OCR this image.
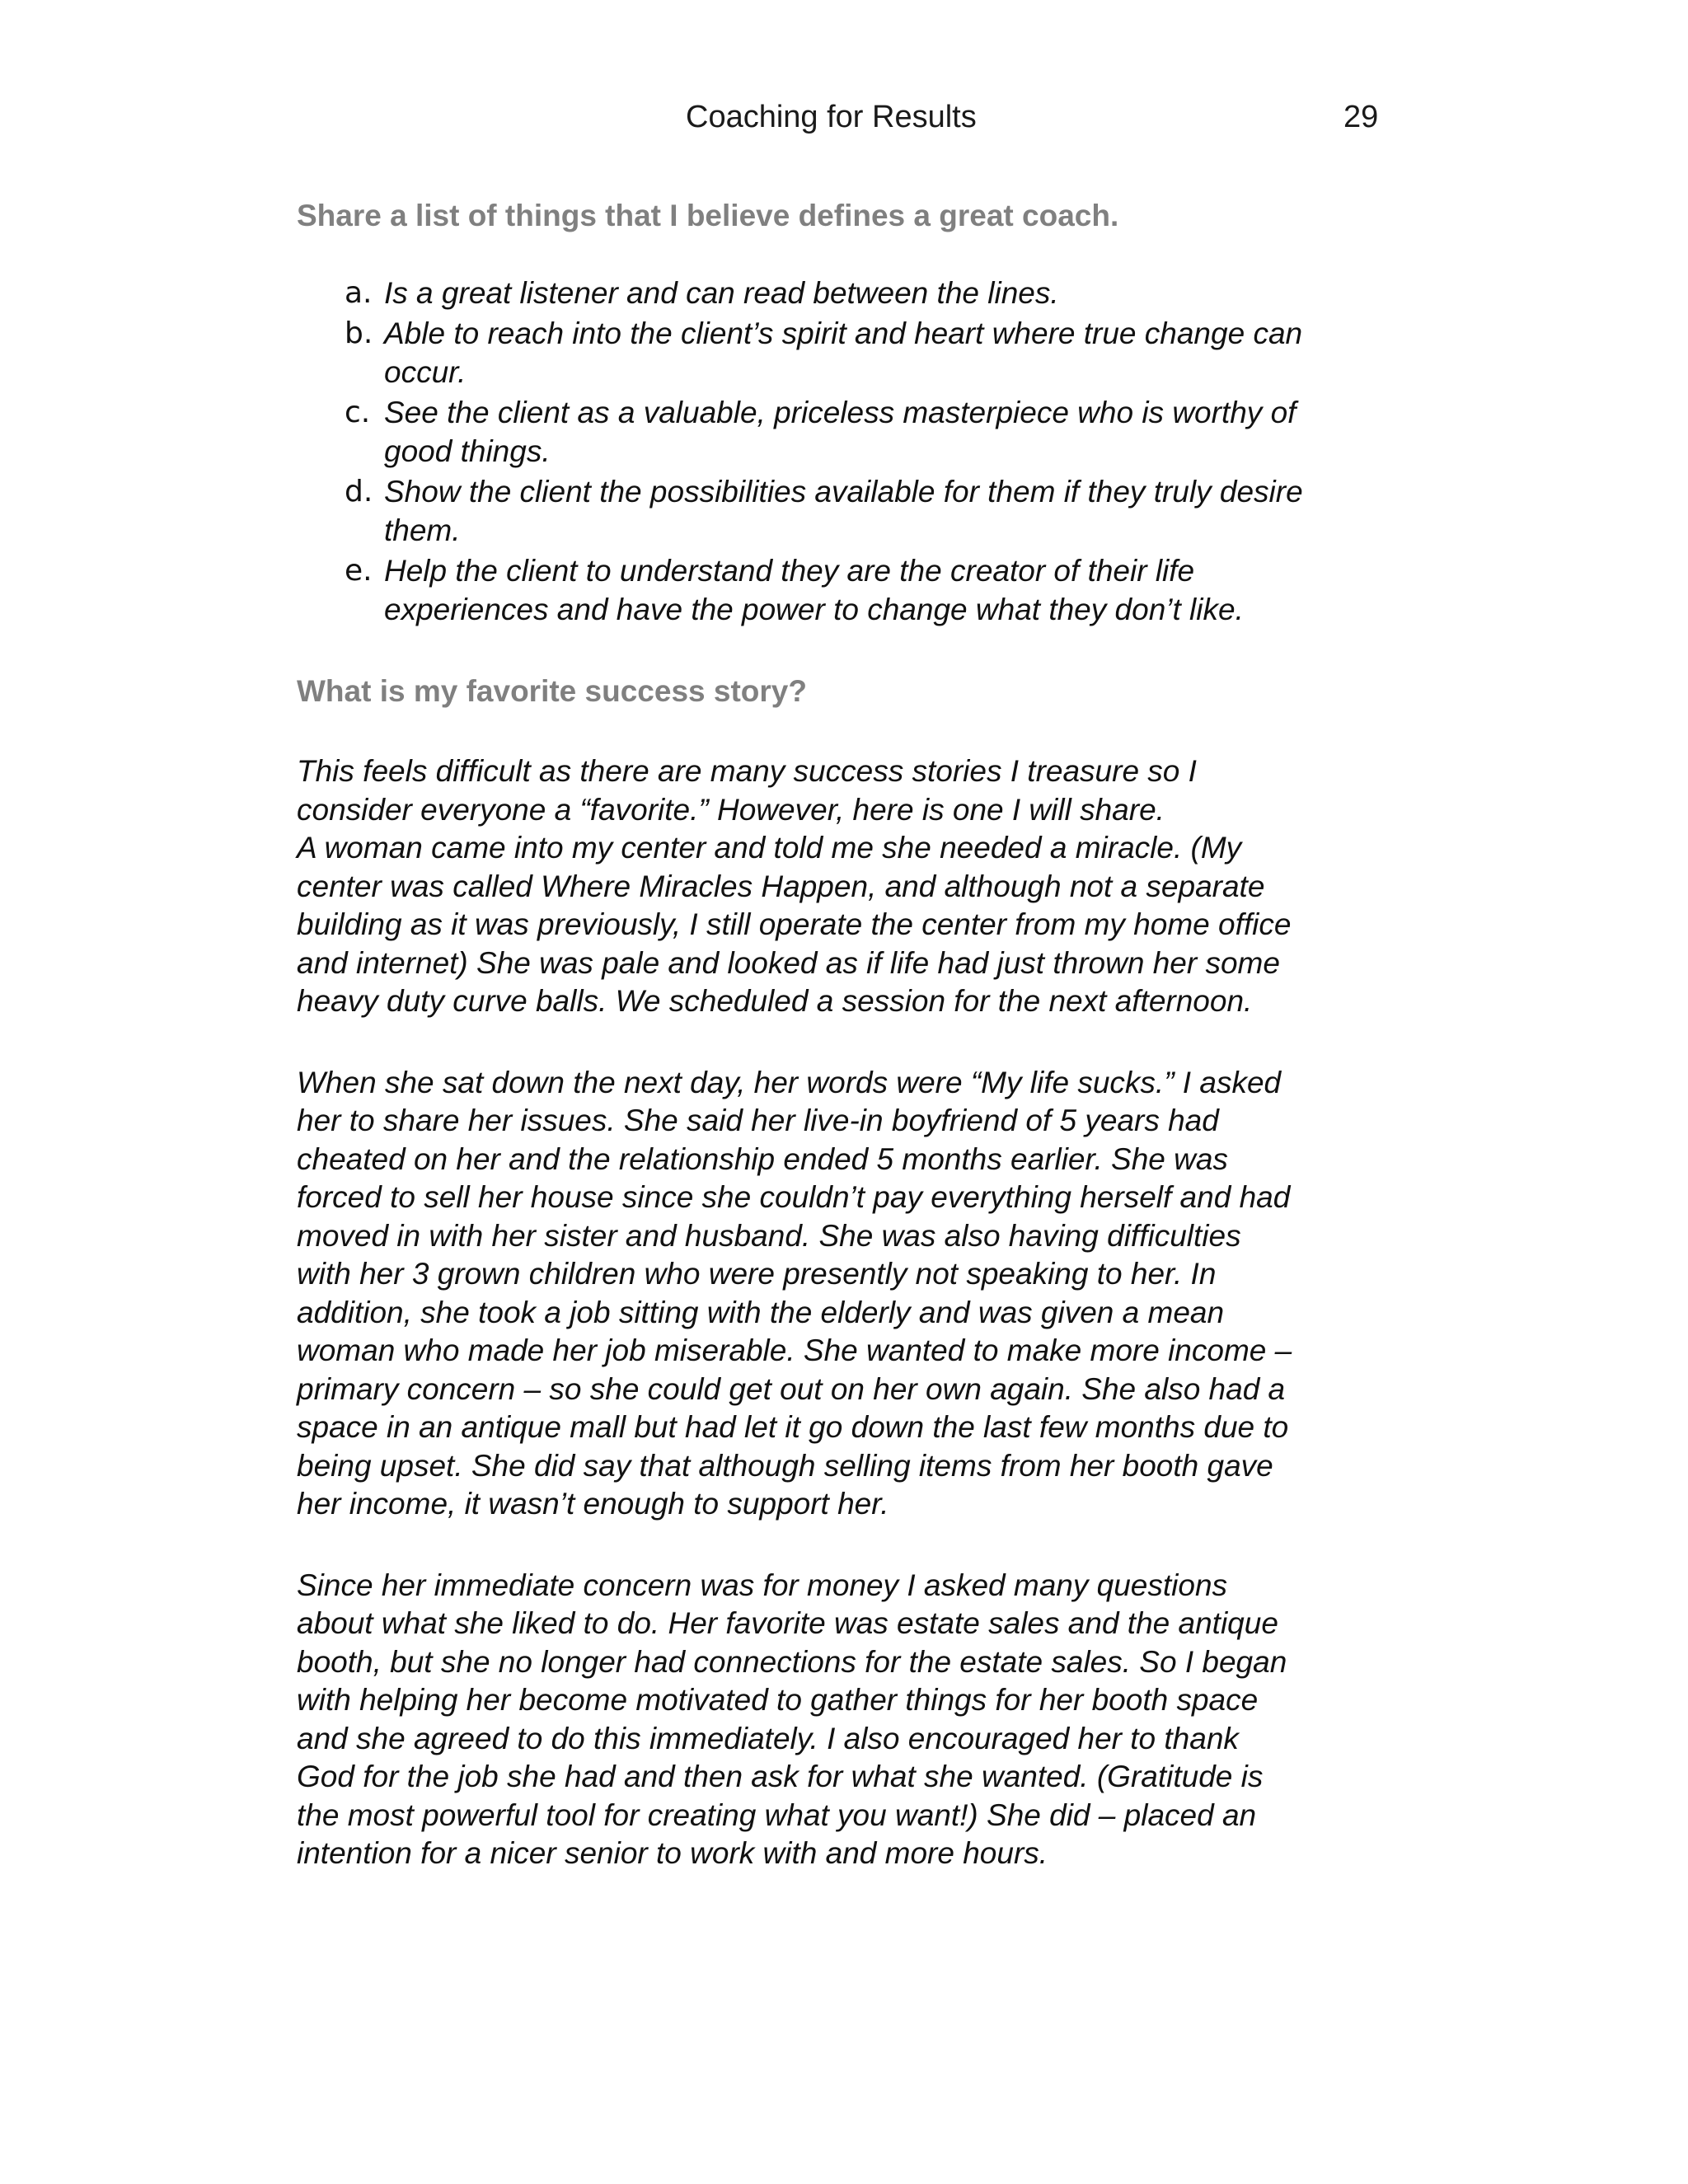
Coaching for Results	29
Share a list of things that I believe defines a great coach.
a. Is a great listener and can read between the lines.
b. Able to reach into the client’s spirit and heart where true change can
occur.
c. See the client as a valuable, priceless masterpiece who is worthy of
good things.
d. Show the client the possibilities available for them if they truly desire
them.
e. Help the client to understand they are the creator of their life
experiences and have the power to change what they don’t like.
What is my favorite success story?

This feels difficult as there are many success stories I treasure so I
consider everyone a “favorite.” However, here is one I will share.
A woman came into my center and told me she needed a miracle. (My
center was called Where Miracles Happen, and although not a separate
building as it was previously, I still operate the center from my home office
and internet) She was pale and looked as if life had just thrown her some
heavy duty curve balls. We scheduled a session for the next afternoon.

When she sat down the next day, her words were “My life sucks.” I asked
her to share her issues. She said her live-in boyfriend of 5 years had
cheated on her and the relationship ended 5 months earlier. She was
forced to sell her house since she couldn’t pay everything herself and had
moved in with her sister and husband. She was also having difficulties
with her 3 grown children who were presently not speaking to her. In
addition, she took a job sitting with the elderly and was given a mean
woman who made her job miserable. She wanted to make more income –
primary concern – so she could get out on her own again. She also had a
space in an antique mall but had let it go down the last few months due to
being upset. She did say that although selling items from her booth gave
her income, it wasn’t enough to support her.

Since her immediate concern was for money I asked many questions
about what she liked to do. Her favorite was estate sales and the antique
booth, but she no longer had connections for the estate sales. So I began
with helping her become motivated to gather things for her booth space
and she agreed to do this immediately. I also encouraged her to thank
God for the job she had and then ask for what she wanted. (Gratitude is
the most powerful tool for creating what you want!) She did – placed an
intention for a nicer senior to work with and more hours.
